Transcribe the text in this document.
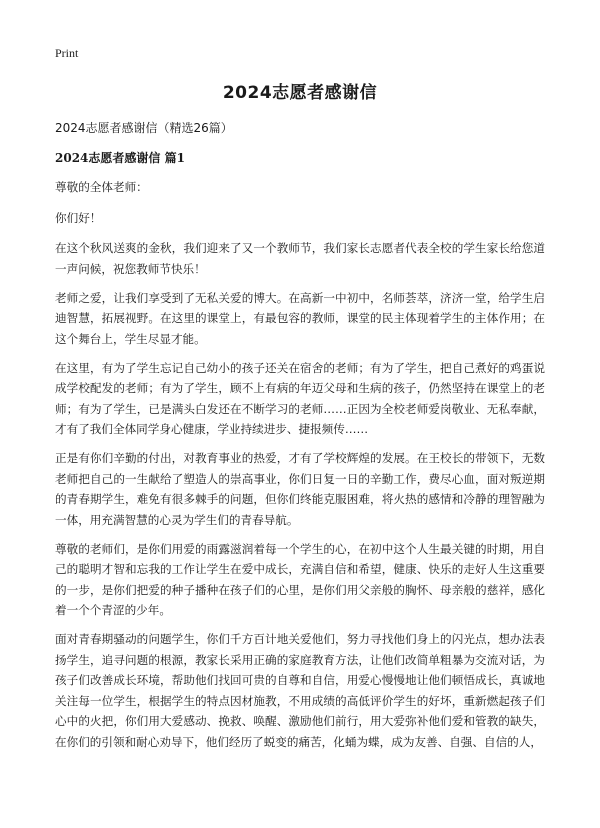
Print
2024志愿者感谢信
2024志愿者感谢信（精选26篇）
2024志愿者感谢信 篇1

尊敬的全体老师：

你们好！

在这个秋风送爽的金秋，我们迎来了又一个教师节，我们家长志愿者代表全校的学生家长给您道一声问候，祝您教师节快乐！

老师之爱，让我们享受到了无私关爱的博大。在高新一中初中，名师荟萃，济济一堂，给学生启迪智慧，拓展视野。在这里的课堂上，有最包容的教师，课堂的民主体现着学生的主体作用；在这个舞台上，学生尽显才能。

在这里，有为了学生忘记自己幼小的孩子还关在宿舍的老师；有为了学生，把自己煮好的鸡蛋说成学校配发的老师；有为了学生，顾不上有病的年迈父母和生病的孩子，仍然坚持在课堂上的老师；有为了学生，已是满头白发还在不断学习的老师……正因为全校老师爱岗敬业、无私奉献，才有了我们全体同学身心健康，学业持续进步、捷报频传……

正是有你们辛勤的付出，对教育事业的热爱，才有了学校辉煌的发展。在王校长的带领下，无数老师把自己的一生献给了塑造人的崇高事业，你们日复一日的辛勤工作，费尽心血，面对叛逆期的青春期学生，难免有很多棘手的问题，但你们终能克服困难，将火热的感情和冷静的理智融为一体，用充满智慧的心灵为学生们的青春导航。

尊敬的老师们，是你们用爱的雨露滋润着每一个学生的心，在初中这个人生最关键的时期，用自己的聪明才智和忘我的工作让学生在爱中成长，充满自信和希望，健康、快乐的走好人生这重要的一步，是你们把爱的种子播种在孩子们的心里，是你们用父亲般的胸怀、母亲般的慈祥，感化着一个个青涩的少年。

面对青春期骚动的问题学生，你们千方百计地关爱他们，努力寻找他们身上的闪光点，想办法表扬学生，追寻问题的根源，教家长采用正确的家庭教育方法，让他们改简单粗暴为交流对话，为孩子们改善成长环境，帮助他们找回可贵的自尊和自信，用爱心慢慢地让他们顿悟成长，真诚地关注每一位学生，根据学生的特点因材施教，不用成绩的高低评价学生的好坏，重新燃起孩子们心中的火把，你们用大爱感动、挽救、唤醒、激励他们前行，用大爱弥补他们爱和管教的缺失，在你们的引领和耐心劝导下，他们经历了蜕变的痛苦，化蛹为蝶，成为友善、自强、自信的人，
